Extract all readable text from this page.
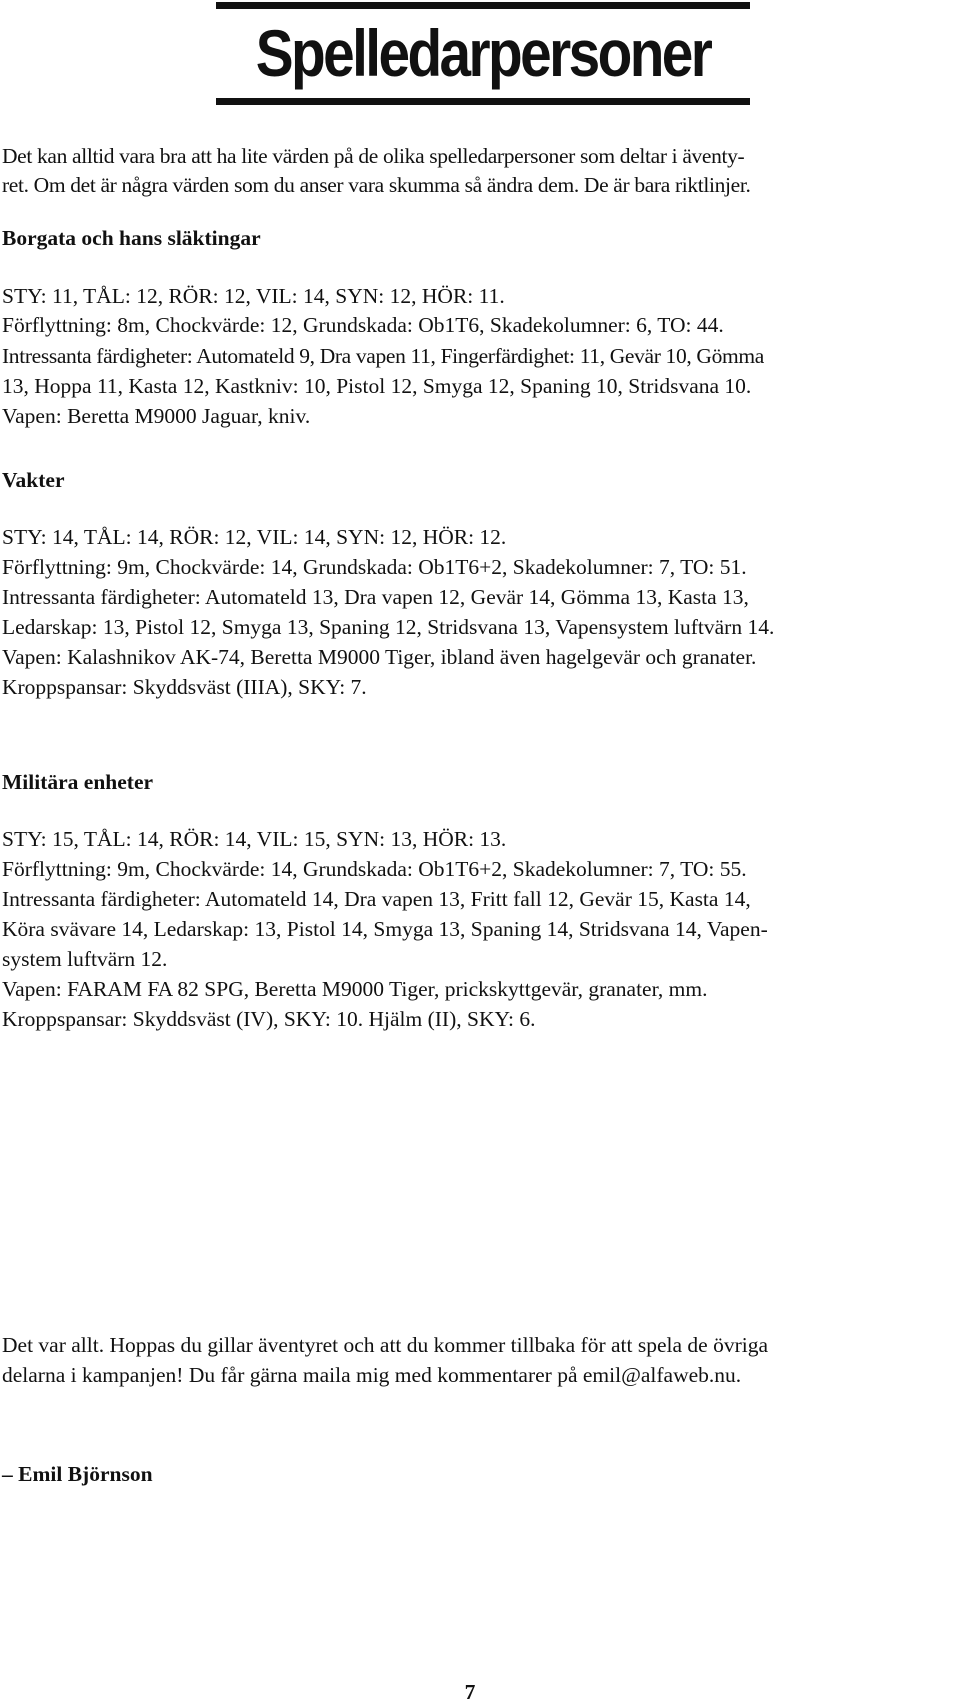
Spelledarpersoner
Det kan alltid vara bra att ha lite värden på de olika spelledarpersoner som deltar i äventy-
ret. Om det är några värden som du anser vara skumma så ändra dem. De är bara riktlinjer.
Borgata och hans släktingar
STY: 11, TÅL: 12, RÖR: 12, VIL: 14, SYN: 12, HÖR: 11.
Förflyttning: 8m, Chockvärde: 12, Grundskada: Ob1T6, Skadekolumner: 6, TO: 44.
Intressanta färdigheter: Automateld 9, Dra vapen 11, Fingerfärdighet: 11, Gevär 10, Gömma
13, Hoppa 11, Kasta 12, Kastkniv: 10, Pistol 12, Smyga 12, Spaning 10, Stridsvana 10.
Vapen: Beretta M9000 Jaguar, kniv.
Vakter
STY: 14, TÅL: 14, RÖR: 12, VIL: 14, SYN: 12, HÖR: 12.
Förflyttning: 9m, Chockvärde: 14, Grundskada: Ob1T6+2, Skadekolumner: 7, TO: 51.
Intressanta färdigheter: Automateld 13, Dra vapen 12, Gevär 14, Gömma 13, Kasta 13,
Ledarskap: 13, Pistol 12, Smyga 13, Spaning 12, Stridsvana 13, Vapensystem luftvärn 14.
Vapen: Kalashnikov AK-74, Beretta M9000 Tiger, ibland även hagelgevär och granater.
Kroppspansar: Skyddsväst (IIIA), SKY: 7.
Militära enheter
STY: 15, TÅL: 14, RÖR: 14, VIL: 15, SYN: 13, HÖR: 13.
Förflyttning: 9m, Chockvärde: 14, Grundskada: Ob1T6+2, Skadekolumner: 7, TO: 55.
Intressanta färdigheter: Automateld 14, Dra vapen 13, Fritt fall 12, Gevär 15, Kasta 14,
Köra svävare 14, Ledarskap: 13, Pistol 14, Smyga 13, Spaning 14, Stridsvana 14, Vapen-
system luftvärn 12.
Vapen: FARAM FA 82 SPG, Beretta M9000 Tiger, prickskyttgevär, granater, mm.
Kroppspansar: Skyddsväst (IV), SKY: 10. Hjälm (II), SKY: 6.
Det var allt. Hoppas du gillar äventyret och att du kommer tillbaka för att spela de övriga
delarna i kampanjen! Du får gärna maila mig med kommentarer på emil@alfaweb.nu.
– Emil Björnson
7
